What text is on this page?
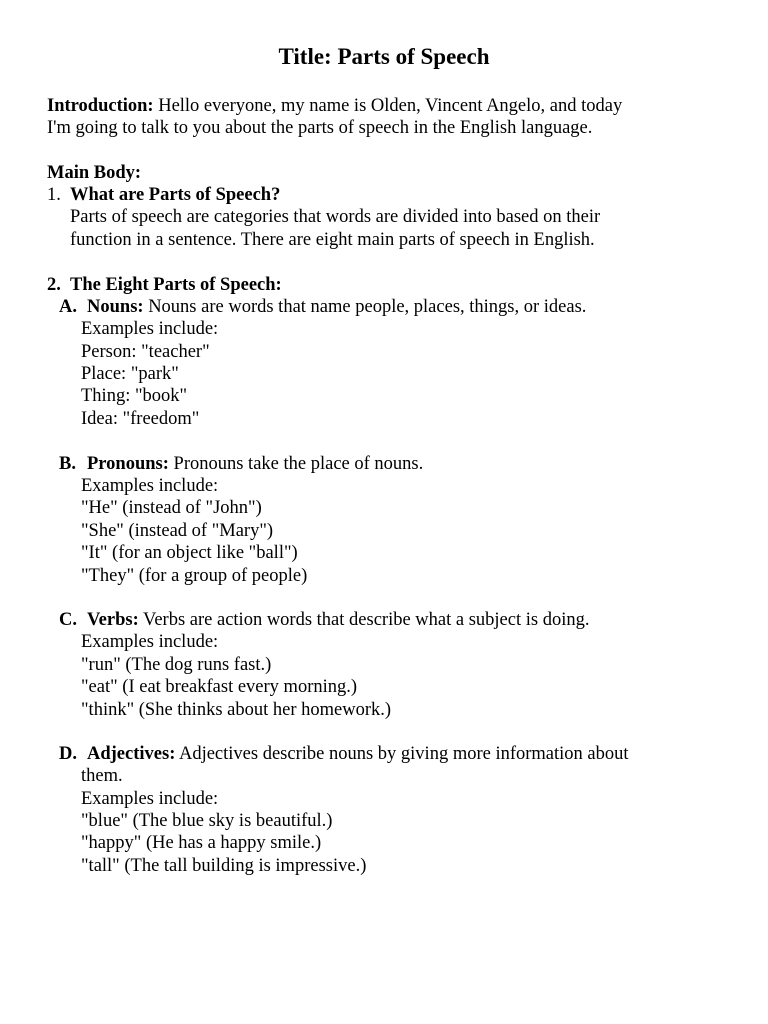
Title: Parts of Speech
Introduction: Hello everyone, my name is Olden, Vincent Angelo, and today
I'm going to talk to you about the parts of speech in the English language.
Main Body:
1. What are Parts of Speech?
Parts of speech are categories that words are divided into based on their
function in a sentence. There are eight main parts of speech in English.
2. The Eight Parts of Speech:
A. Nouns: Nouns are words that name people, places, things, or ideas.
Examples include:
Person: "teacher"
Place: "park"
Thing: "book"
Idea: "freedom"
B. Pronouns: Pronouns take the place of nouns.
Examples include:
"He" (instead of "John")
"She" (instead of "Mary")
"It" (for an object like "ball")
"They" (for a group of people)
C. Verbs: Verbs are action words that describe what a subject is doing.
Examples include:
"run" (The dog runs fast.)
"eat" (I eat breakfast every morning.)
"think" (She thinks about her homework.)
D. Adjectives: Adjectives describe nouns by giving more information about
them.
Examples include:
"blue" (The blue sky is beautiful.)
"happy" (He has a happy smile.)
"tall" (The tall building is impressive.)
